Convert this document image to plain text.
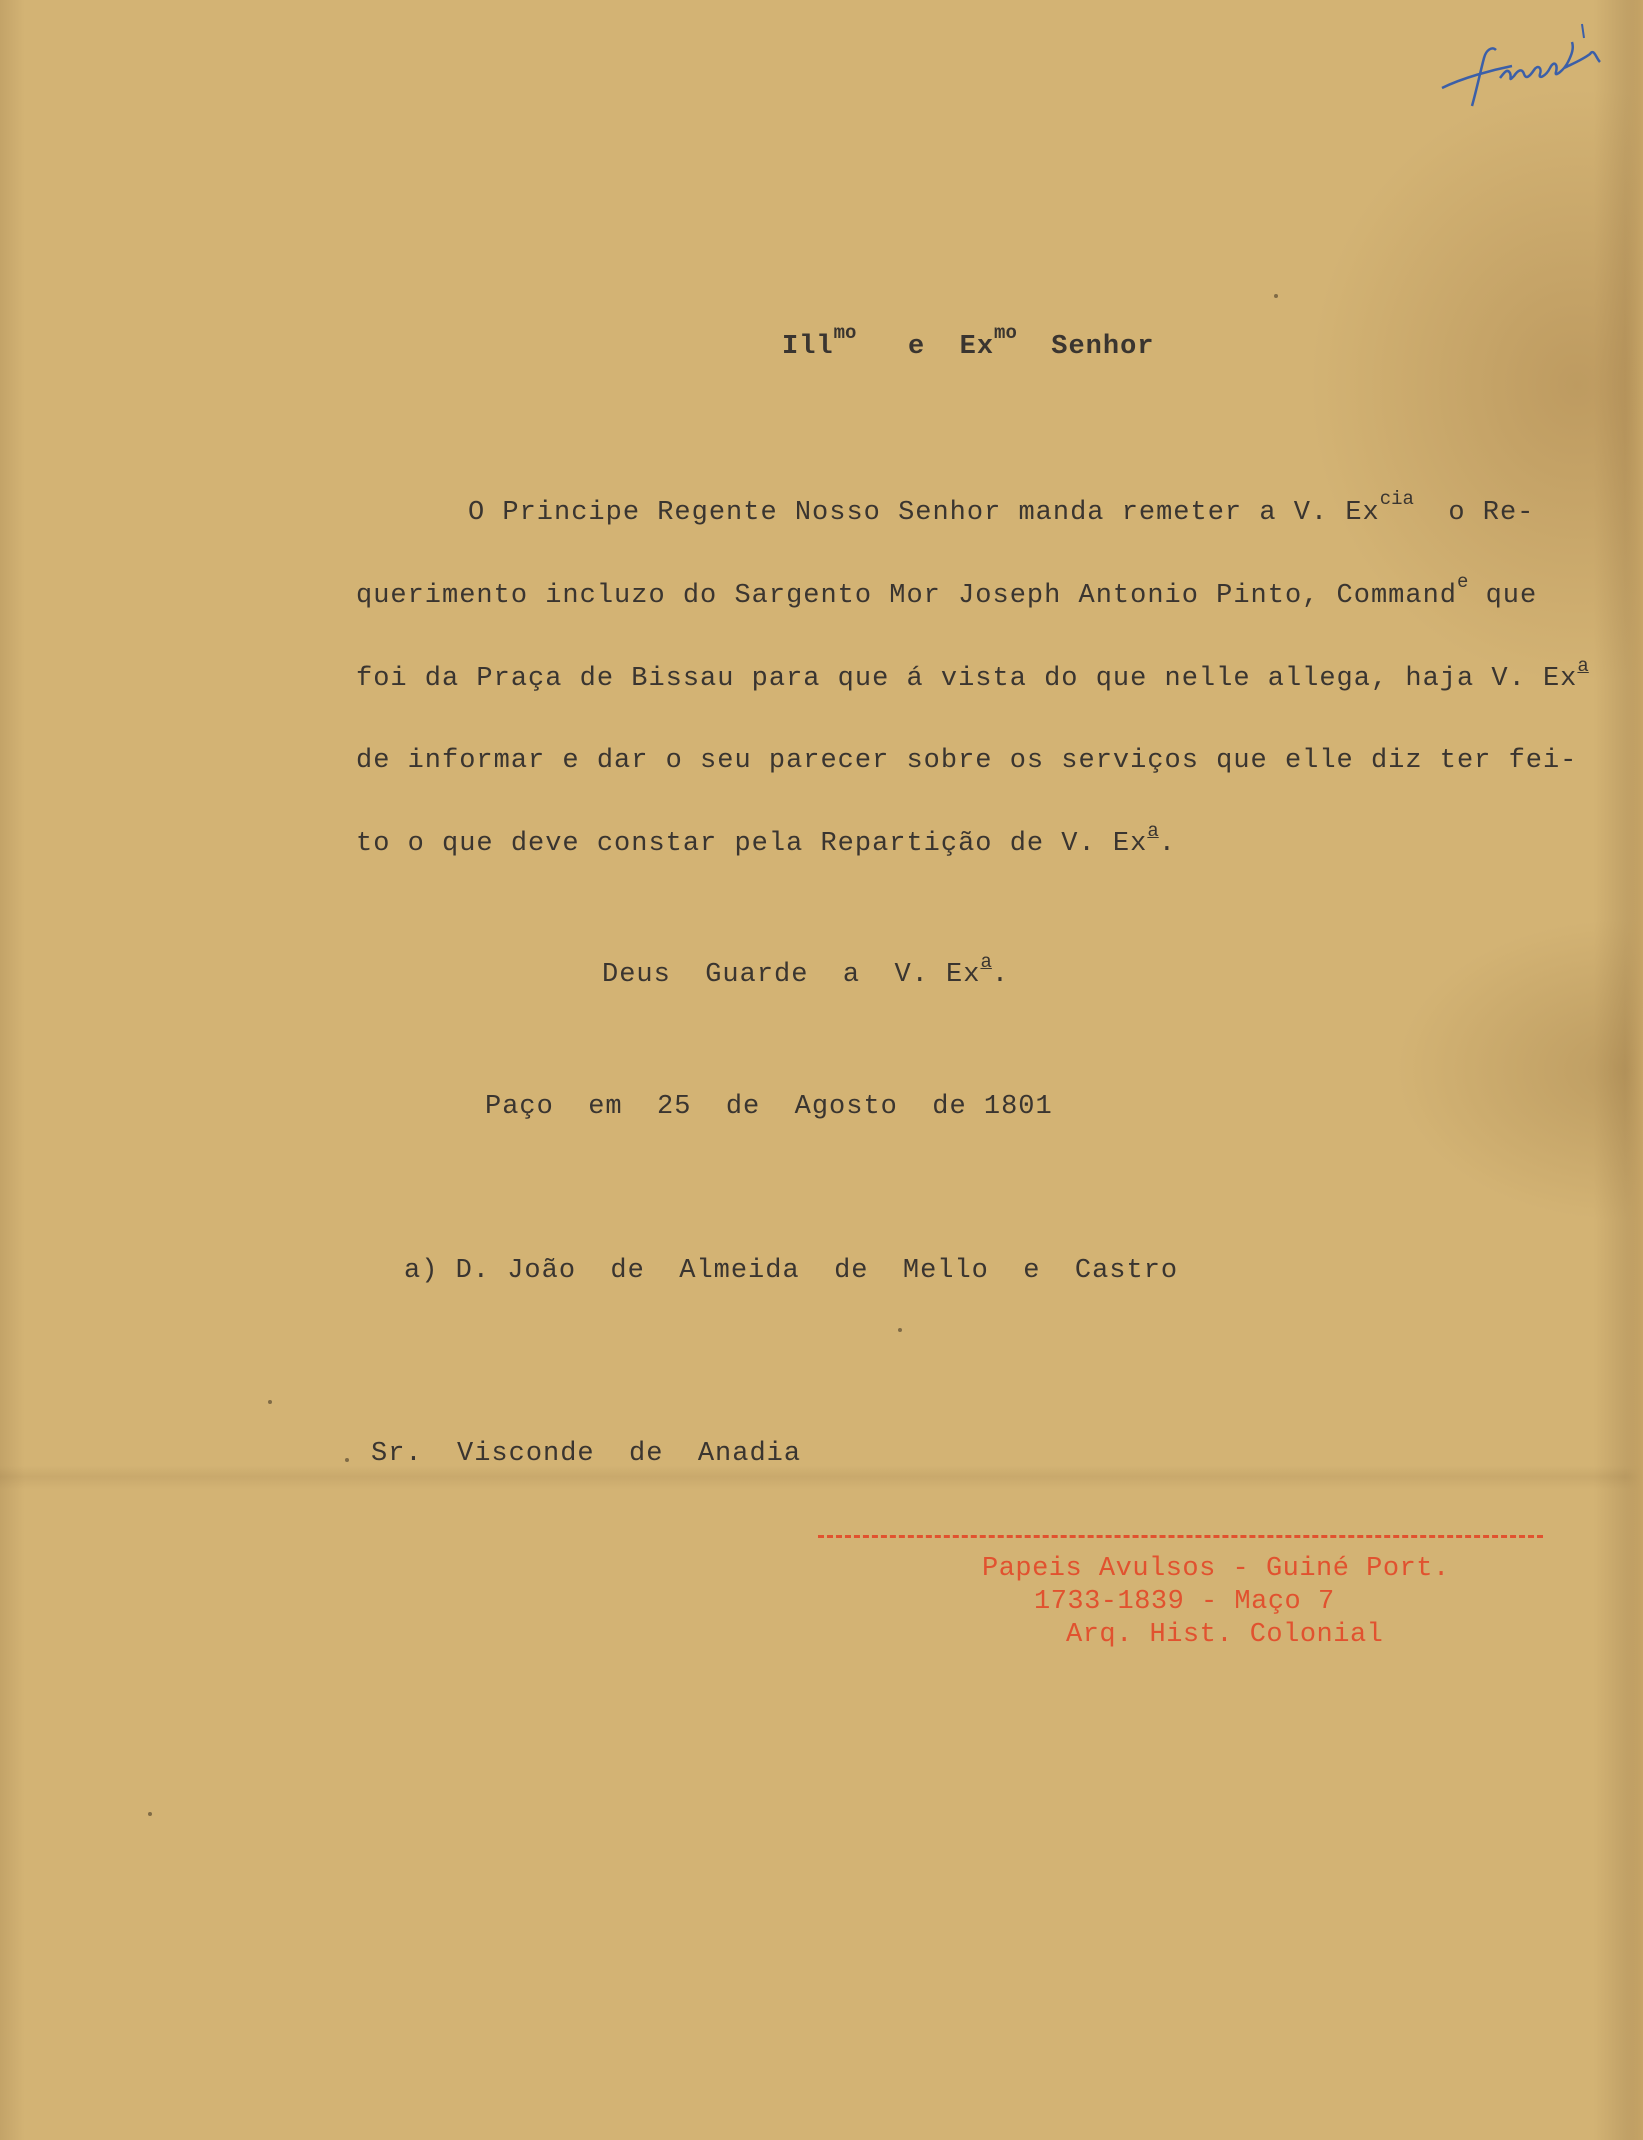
Ill$^{mo}$ e $Ex^{mo}$ Senhor
O Principe Regente Nosso Senhor manda remeter a V. $Ex^{cia}$ o Re-
querimento incluzo do Sargento Mor Joseph Antonio Pinto, Command$^e$ que
foi da Praça de Bissau para que á vista do que nelle allega, haja V. Ex$^a$
de informar e dar o seu parecer sobre os serviços que elle diz ter fei-
to o que deve constar pela Repartição de V. Ex$^a$.
Deus  Guarde  a  V. Ex$^a$.
Paço  em  25  de  Agosto  de 1801
a) D. João  de  Almeida  de  Mello  e  Castro
Sr.  Visconde  de  Anadia
Papeis Avulsos - Guiné Port.
1733-1839 - Maço 7
Arq. Hist. Colonial
